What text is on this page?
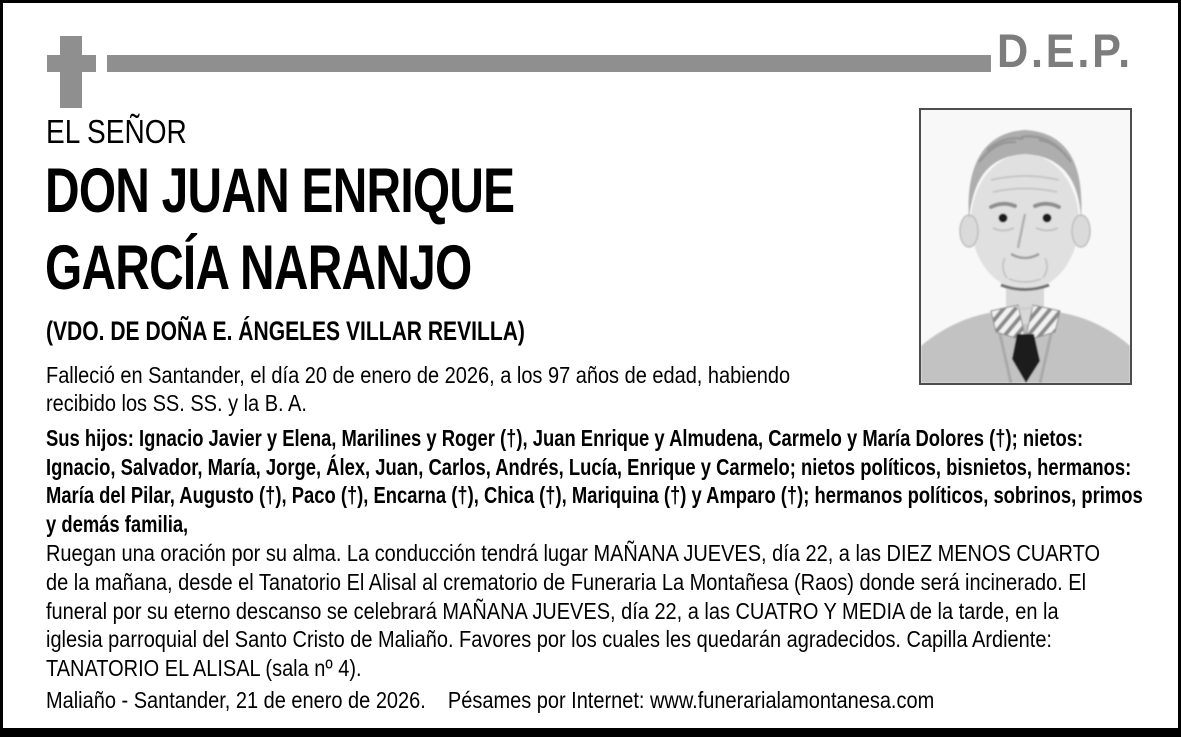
D.E.P.
EL SEÑOR
DON JUAN ENRIQUE
GARCÍA NARANJO
(VDO. DE DOÑA E. ÁNGELES VILLAR REVILLA)
Falleció en Santander, el día 20 de enero de 2026, a los 97 años de edad, habiendo recibido los SS. SS. y la B. A.
Sus hijos: Ignacio Javier y Elena, Marilines y Roger (†), Juan Enrique y Almudena, Carmelo y María Dolores (†); nietos: Ignacio, Salvador, María, Jorge, Álex, Juan, Carlos, Andrés, Lucía, Enrique y Carmelo; nietos políticos, bisnietos, hermanos: María del Pilar, Augusto (†), Paco (†), Encarna (†), Chica (†), Mariquina (†) y Amparo (†); hermanos políticos, sobrinos, primos y demás familia,
Ruegan una oración por su alma. La conducción tendrá lugar MAÑANA JUEVES, día 22, a las DIEZ MENOS CUARTO de la mañana, desde el Tanatorio El Alisal al crematorio de Funeraria La Montañesa (Raos) donde será incinerado. El funeral por su eterno descanso se celebrará MAÑANA JUEVES, día 22, a las CUATRO Y MEDIA de la tarde, en la iglesia parroquial del Santo Cristo de Maliaño. Favores por los cuales les quedarán agradecidos. Capilla Ardiente: TANATORIO EL ALISAL (sala nº 4).
Maliaño - Santander, 21 de enero de 2026. Pésames por Internet: www.funerarialamontanesa.com
